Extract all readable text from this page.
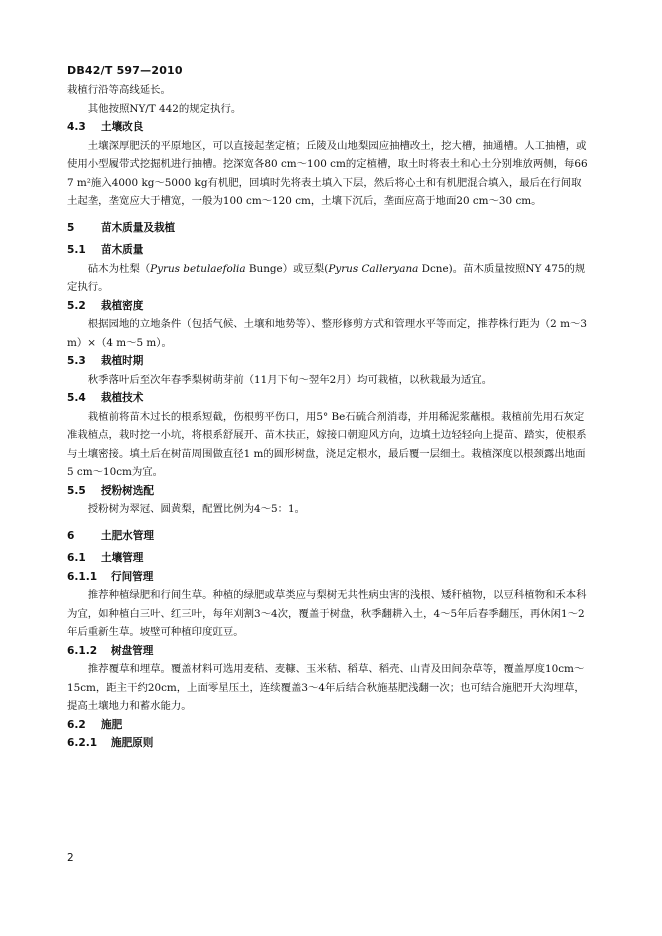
DB42/T 597—2010

栽植行沿等高线延长。

其他按照NY/T 442的规定执行。

4.3 土壤改良

土壤深厚肥沃的平原地区，可以直接起垄定植；丘陵及山地梨园应抽槽改土，挖大槽，抽通槽。人工抽槽，或使用小型履带式挖掘机进行抽槽。挖深宽各80 cm～100 cm的定植槽，取土时将表土和心土分别堆放两侧，每667 m²施入4000 kg～5000 kg有机肥，回填时先将表土填入下层，然后将心土和有机肥混合填入，最后在行间取土起垄，垄宽应大于槽宽，一般为100 cm～120 cm，土壤下沉后，垄面应高于地面20 cm～30 cm。

5	苗木质量及栽植

5.1 苗木质量

砧木为杜梨（Pyrus betulaefolia Bunge）或豆梨(Pyrus Calleryana Dcne)。苗木质量按照NY 475的规定执行。

5.2 栽植密度

根据园地的立地条件（包括气候、土壤和地势等）、整形修剪方式和管理水平等而定，推荐株行距为（2 m～3 m）×（4 m～5 m）。

5.3 栽植时期

秋季落叶后至次年春季梨树萌芽前（11月下旬～翌年2月）均可栽植，以秋栽最为适宜。

5.4 栽植技术

栽植前将苗木过长的根系短截，伤根剪平伤口，用5° Be石硫合剂消毒，并用稀泥浆蘸根。栽植前先用石灰定准栽植点，栽时挖一小坑，将根系舒展开、苗木扶正，嫁接口朝迎风方向，边填土边轻轻向上提苗、踏实，使根系与土壤密接。填土后在树苗周围做直径1 m的圆形树盘，浇足定根水，最后覆一层细土。栽植深度以根颈露出地面5 cm～10cm为宜。

5.5 授粉树选配

授粉树为翠冠、圆黄梨，配置比例为4～5：1。

6	土肥水管理

6.1 土壤管理

6.1.1 行间管理

推荐种植绿肥和行间生草。种植的绿肥或草类应与梨树无共性病虫害的浅根、矮秆植物，以豆科植物和禾本科为宜，如种植白三叶、红三叶，每年刈割3～4次，覆盖于树盘，秋季翻耕入土，4～5年后春季翻压，再休闲1～2年后重新生草。坡壁可种植印度豇豆。

6.1.2 树盘管理

推荐覆草和埋草。覆盖材料可选用麦秸、麦糠、玉米秸、稻草、稻壳、山青及田间杂草等，覆盖厚度10cm～15cm，距主干约20cm，上面零星压土，连续覆盖3～4年后结合秋施基肥浅翻一次；也可结合施肥开大沟埋草，提高土壤地力和蓄水能力。

6.2 施肥

6.2.1 施肥原则

2
